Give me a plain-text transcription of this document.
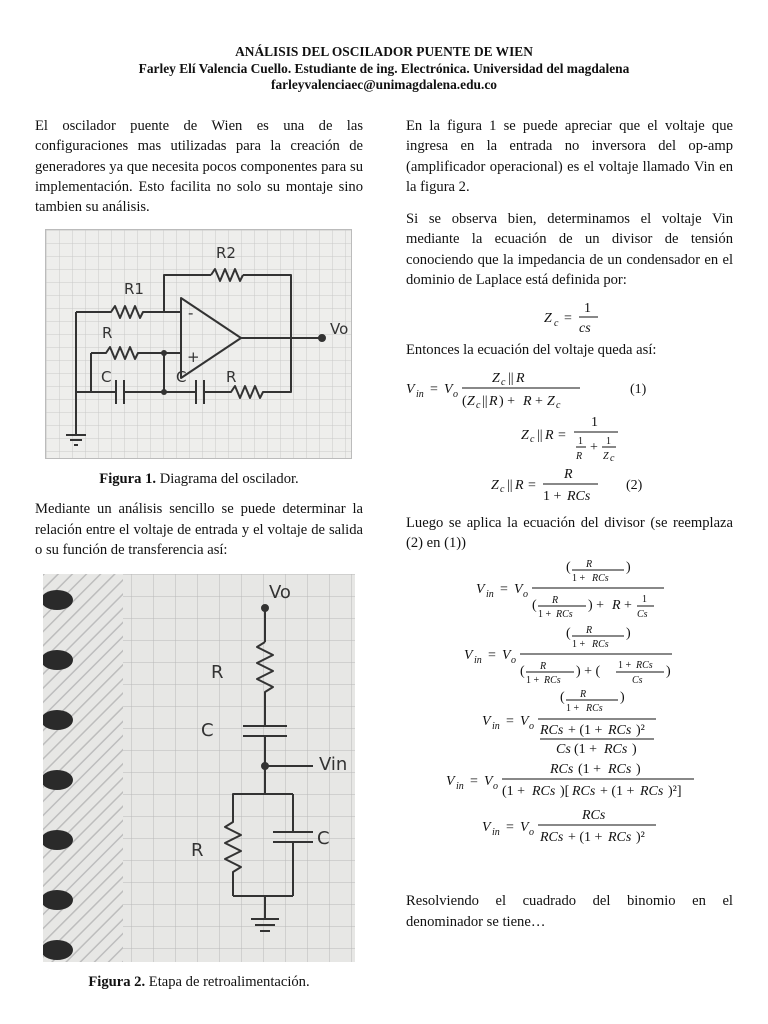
ANÁLISIS DEL OSCILADOR PUENTE DE WIEN
Farley Elí Valencia Cuello. Estudiante de ing. Electrónica. Universidad del magdalena
farleyvalenciaec@unimagdalena.edu.co

El oscilador puente de Wien es una de las configuraciones mas utilizadas para la creación de generadores ya que necesita pocos componentes para su implementación. Esto facilita no solo su montaje sino tambien su análisis.

R2
R1
R
C	C	R
Vo
-
+
Figura 1. Diagrama del oscilador.

Mediante un análisis sencillo se puede determinar la relación entre el voltaje de entrada y el voltaje de salida o su función de transferencia así:

Vo
R
C
Vin
R
C
Figura 2. Etapa de retroalimentación.

En la figura 1 se puede apreciar que el voltaje que ingresa en la entrada no inversora del op-amp (amplificador operacional) es el voltaje llamado Vin en la figura 2.

Si se observa bien, determinamos el voltaje Vin mediante la ecuación de un divisor de tensión conociendo que la impedancia de un condensador en el dominio de Laplace está definida por:

Z c =
1
cs

Entonces la ecuación del voltaje queda así:

V in = V o
Z c || R
( Z c || R ) + R + Z c
(1)
Z c || R =
1
1
R
+ 1
Z c
Z c || R =
R
1 + RCs
(2)

Luego se aplica la ecuación del divisor (se reemplaza (2) en (1))

V in = V o
( R
1 + RCs
)
( R
1 + RCs
) + R + 1
Cs
V in = V o
( R
1 + RCs
)
( R
1 + RCs
) + ( 1 + RCs
Cs
)
V in = V o
( R
1 + RCs
)
RCs + (1 + RCs )²
Cs (1 + RCs )
V in = V o
RCs (1 + RCs )
(1 + RCs )[ RCs + (1 + RCs )²]
V in = V o
RCs
RCs + (1 + RCs )²

Resolviendo el cuadrado del binomio en el denominador se tiene…
